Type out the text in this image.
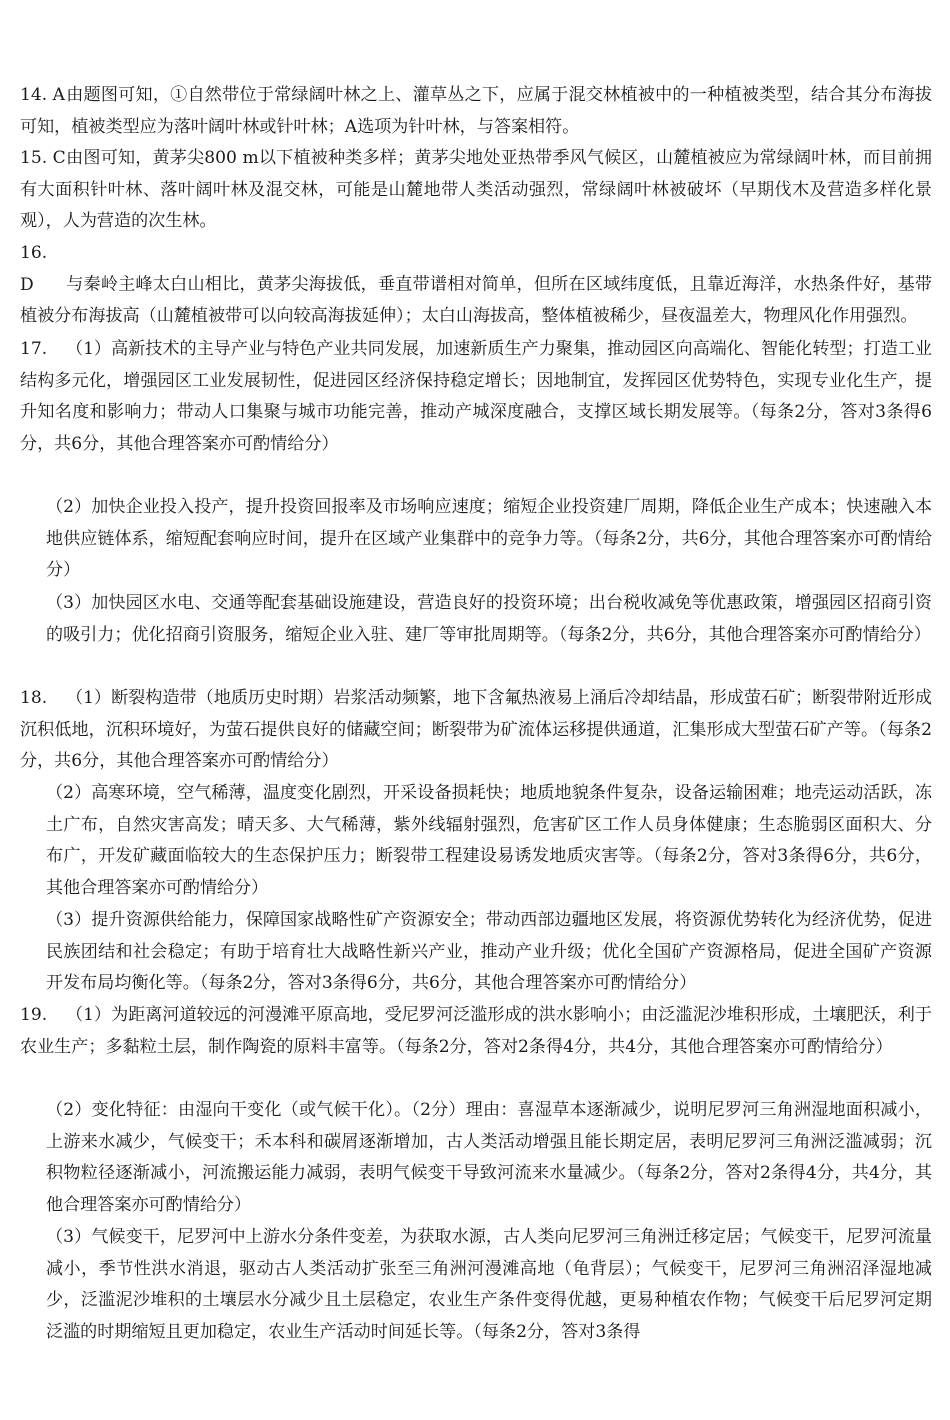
14. A由题图可知，①自然带位于常绿阔叶林之上、灌草丛之下，应属于混交林植被中的一种植被类型，结合其分布海拔可知，植被类型应为落叶阔叶林或针叶林；A选项为针叶林，与答案相符。

15. C由图可知，黄茅尖800 m以下植被种类多样；黄茅尖地处亚热带季风气候区，山麓植被应为常绿阔叶林，而目前拥有大面积针叶林、落叶阔叶林及混交林，可能是山麓地带人类活动强烈，常绿阔叶林被破坏（早期伐木及营造多样化景观），人为营造的次生林。

16. D 与秦岭主峰太白山相比，黄茅尖海拔低，垂直带谱相对简单，但所在区域纬度低，且靠近海洋，水热条件好，基带植被分布海拔高（山麓植被带可以向较高海拔延伸）；太白山海拔高，整体植被稀少，昼夜温差大，物理风化作用强烈。

17. （1）高新技术的主导产业与特色产业共同发展，加速新质生产力聚集，推动园区向高端化、智能化转型；打造工业结构多元化，增强园区工业发展韧性，促进园区经济保持稳定增长；因地制宜，发挥园区优势特色，实现专业化生产，提升知名度和影响力；带动人口集聚与城市功能完善，推动产城深度融合，支撑区域长期发展等。（每条2分，答对3条得6分，共6分，其他合理答案亦可酌情给分）

（2）加快企业投入投产，提升投资回报率及市场响应速度；缩短企业投资建厂周期，降低企业生产成本；快速融入本地供应链体系，缩短配套响应时间，提升在区域产业集群中的竞争力等。（每条2分，共6分，其他合理答案亦可酌情给分）

（3）加快园区水电、交通等配套基础设施建设，营造良好的投资环境；出台税收减免等优惠政策，增强园区招商引资的吸引力；优化招商引资服务，缩短企业入驻、建厂等审批周期等。（每条2分，共6分，其他合理答案亦可酌情给分）

18. （1）断裂构造带（地质历史时期）岩浆活动频繁，地下含氟热液易上涌后冷却结晶，形成萤石矿；断裂带附近形成沉积低地，沉积环境好，为萤石提供良好的储藏空间；断裂带为矿流体运移提供通道，汇集形成大型萤石矿产等。（每条2分，共6分，其他合理答案亦可酌情给分）

（2）高寒环境，空气稀薄，温度变化剧烈，开采设备损耗快；地质地貌条件复杂，设备运输困难；地壳运动活跃，冻土广布，自然灾害高发；晴天多、大气稀薄，紫外线辐射强烈，危害矿区工作人员身体健康；生态脆弱区面积大、分布广，开发矿藏面临较大的生态保护压力；断裂带工程建设易诱发地质灾害等。（每条2分，答对3条得6分，共6分，其他合理答案亦可酌情给分）

（3）提升资源供给能力，保障国家战略性矿产资源安全；带动西部边疆地区发展，将资源优势转化为经济优势，促进民族团结和社会稳定；有助于培育壮大战略性新兴产业，推动产业升级；优化全国矿产资源格局，促进全国矿产资源开发布局均衡化等。（每条2分，答对3条得6分，共6分，其他合理答案亦可酌情给分）

19. （1）为距离河道较远的河漫滩平原高地，受尼罗河泛滥形成的洪水影响小；由泛滥泥沙堆积形成，土壤肥沃，利于农业生产；多黏粒土层，制作陶瓷的原料丰富等。（每条2分，答对2条得4分，共4分，其他合理答案亦可酌情给分）

（2）变化特征：由湿向干变化（或气候干化）。（2分）理由：喜湿草本逐渐减少，说明尼罗河三角洲湿地面积减小，上游来水减少，气候变干；禾本科和碳屑逐渐增加，古人类活动增强且能长期定居，表明尼罗河三角洲泛滥减弱；沉积物粒径逐渐减小，河流搬运能力减弱，表明气候变干导致河流来水量减少。（每条2分，答对2条得4分，共4分，其他合理答案亦可酌情给分）

（3）气候变干，尼罗河中上游水分条件变差，为获取水源，古人类向尼罗河三角洲迁移定居；气候变干，尼罗河流量减小，季节性洪水消退，驱动古人类活动扩张至三角洲河漫滩高地（龟背层）；气候变干，尼罗河三角洲沼泽湿地减少，泛滥泥沙堆积的土壤层水分减少且土层稳定，农业生产条件变得优越，更易种植农作物；气候变干后尼罗河定期泛滥的时期缩短且更加稳定，农业生产活动时间延长等。（每条2分，答对3条得
